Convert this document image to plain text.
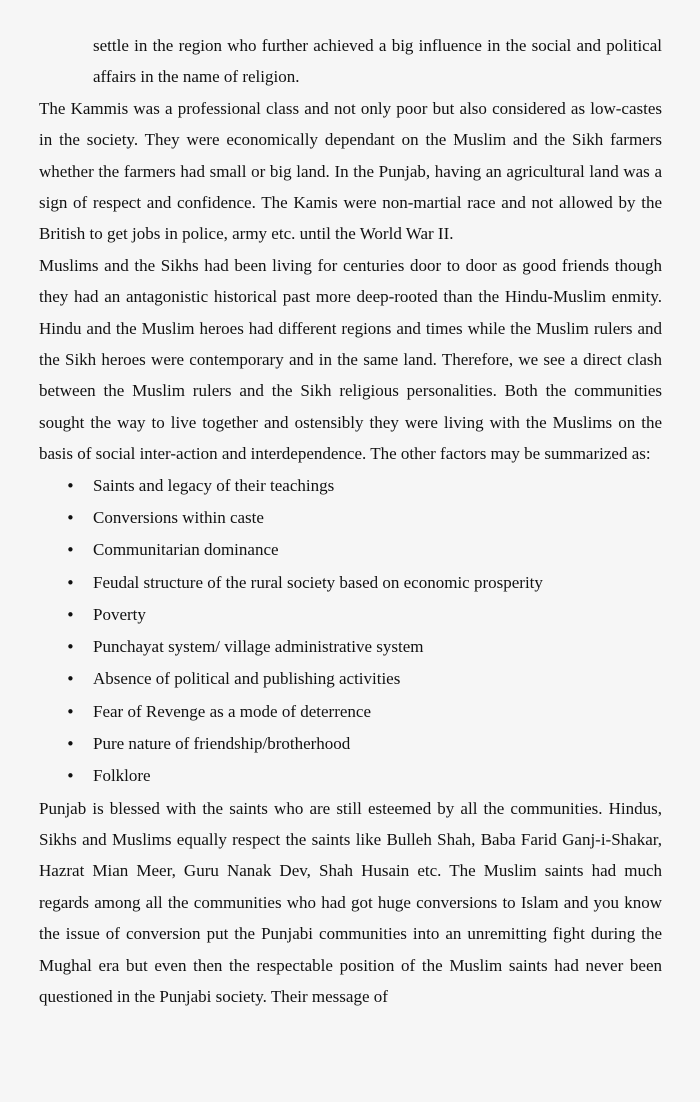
settle in the region who further achieved a big influence in the social and political affairs in the name of religion.

The Kammis was a professional class and not only poor but also considered as low-castes in the society. They were economically dependant on the Muslim and the Sikh farmers whether the farmers had small or big land. In the Punjab, having an agricultural land was a sign of respect and confidence. The Kamis were non-martial race and not allowed by the British to get jobs in police, army etc. until the World War II.

Muslims and the Sikhs had been living for centuries door to door as good friends though they had an antagonistic historical past more deep-rooted than the Hindu-Muslim enmity. Hindu and the Muslim heroes had different regions and times while the Muslim rulers and the Sikh heroes were contemporary and in the same land. Therefore, we see a direct clash between the Muslim rulers and the Sikh religious personalities. Both the communities sought the way to live together and ostensibly they were living with the Muslims on the basis of social inter-action and interdependence. The other factors may be summarized as:

• Saints and legacy of their teachings
• Conversions within caste
• Communitarian dominance
• Feudal structure of the rural society based on economic prosperity
• Poverty
• Punchayat system/ village administrative system
• Absence of political and publishing activities
• Fear of Revenge as a mode of deterrence
• Pure nature of friendship/brotherhood
• Folklore

Punjab is blessed with the saints who are still esteemed by all the communities. Hindus, Sikhs and Muslims equally respect the saints like Bulleh Shah, Baba Farid Ganj-i-Shakar, Hazrat Mian Meer, Guru Nanak Dev, Shah Husain etc. The Muslim saints had much regards among all the communities who had got huge conversions to Islam and you know the issue of conversion put the Punjabi communities into an unremitting fight during the Mughal era but even then the respectable position of the Muslim saints had never been questioned in the Punjabi society. Their message of
